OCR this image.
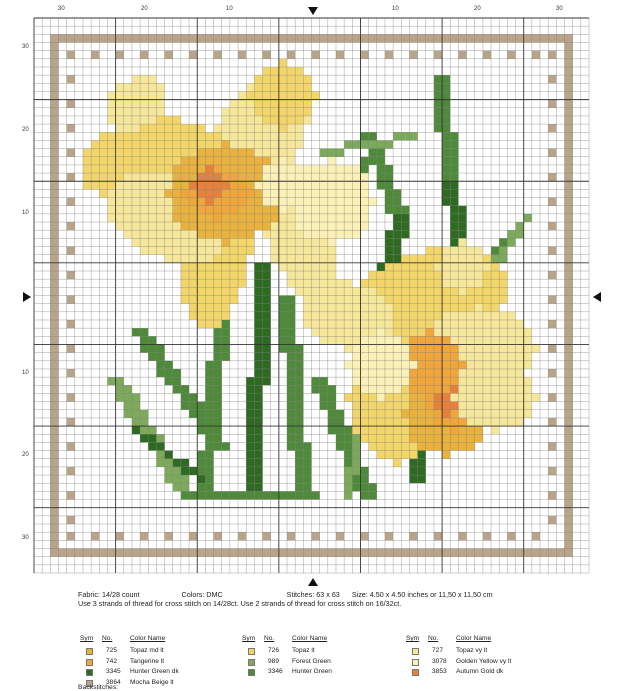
30	20	10	10	20	30
30
20
10
10
20
30
Fabric: 14/28 count	Colors: DMC	Stitches: 63 x 63 Size: 4.50 x 4.50 inches or 11,50 x 11,50 cm
Use 3 strands of thread for cross stitch on 14/28ct. Use 2 strands of thread for cross stitch on 16/32ct.
Sym No.	Color Name
725 Topaz md lt
742 Tangerine lt
3345 Hunter Green dk
3864 Mocha Beige lt
Sym No.	Color Name
726 Topaz lt
989 Forest Green
3346 Hunter Green
Sym No.	Color Name
727 Topaz vy lt
3078 Golden Yellow vy lt
3853 Autumn Gold dk
Backstitches:
